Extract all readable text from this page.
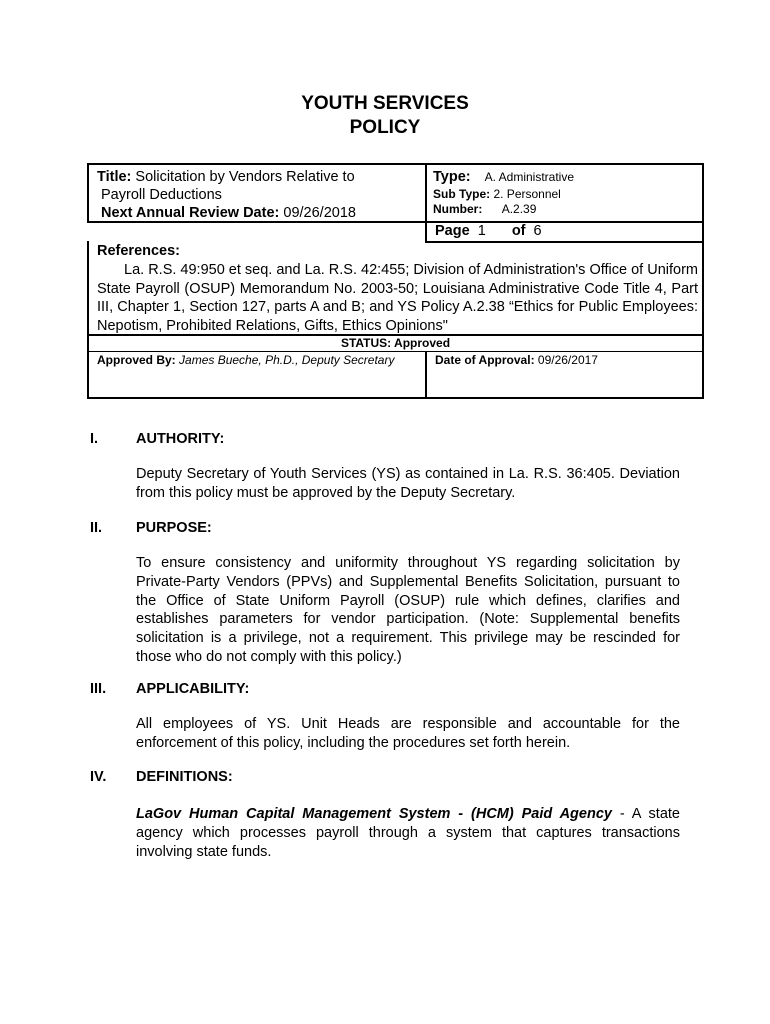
YOUTH SERVICES
POLICY
Title: Solicitation by Vendors Relative to
Payroll Deductions
Next Annual Review Date: 09/26/2018
Type: A. Administrative
Sub Type: 2. Personnel
Number: A.2.39
Page 1 of 6
References:
La. R.S. 49:950 et seq. and La. R.S. 42:455; Division of Administration's Office of Uniform State Payroll (OSUP) Memorandum No. 2003-50; Louisiana Administrative Code Title 4, Part III, Chapter 1, Section 127, parts A and B; and YS Policy A.2.38 “Ethics for Public Employees: Nepotism, Prohibited Relations, Gifts, Ethics Opinions"
STATUS: Approved
Approved By: James Bueche, Ph.D., Deputy Secretary	Date of Approval: 09/26/2017
I.	AUTHORITY:
Deputy Secretary of Youth Services (YS) as contained in La. R.S. 36:405. Deviation from this policy must be approved by the Deputy Secretary.
II. PURPOSE:
To ensure consistency and uniformity throughout YS regarding solicitation by Private-Party Vendors (PPVs) and Supplemental Benefits Solicitation, pursuant to the Office of State Uniform Payroll (OSUP) rule which defines, clarifies and establishes parameters for vendor participation. (Note: Supplemental benefits solicitation is a privilege, not a requirement. This privilege may be rescinded for those who do not comply with this policy.)
III. APPLICABILITY:
All employees of YS. Unit Heads are responsible and accountable for the enforcement of this policy, including the procedures set forth herein.
IV. DEFINITIONS:
LaGov Human Capital Management System - (HCM) Paid Agency - A state agency which processes payroll through a system that captures transactions involving state funds.
